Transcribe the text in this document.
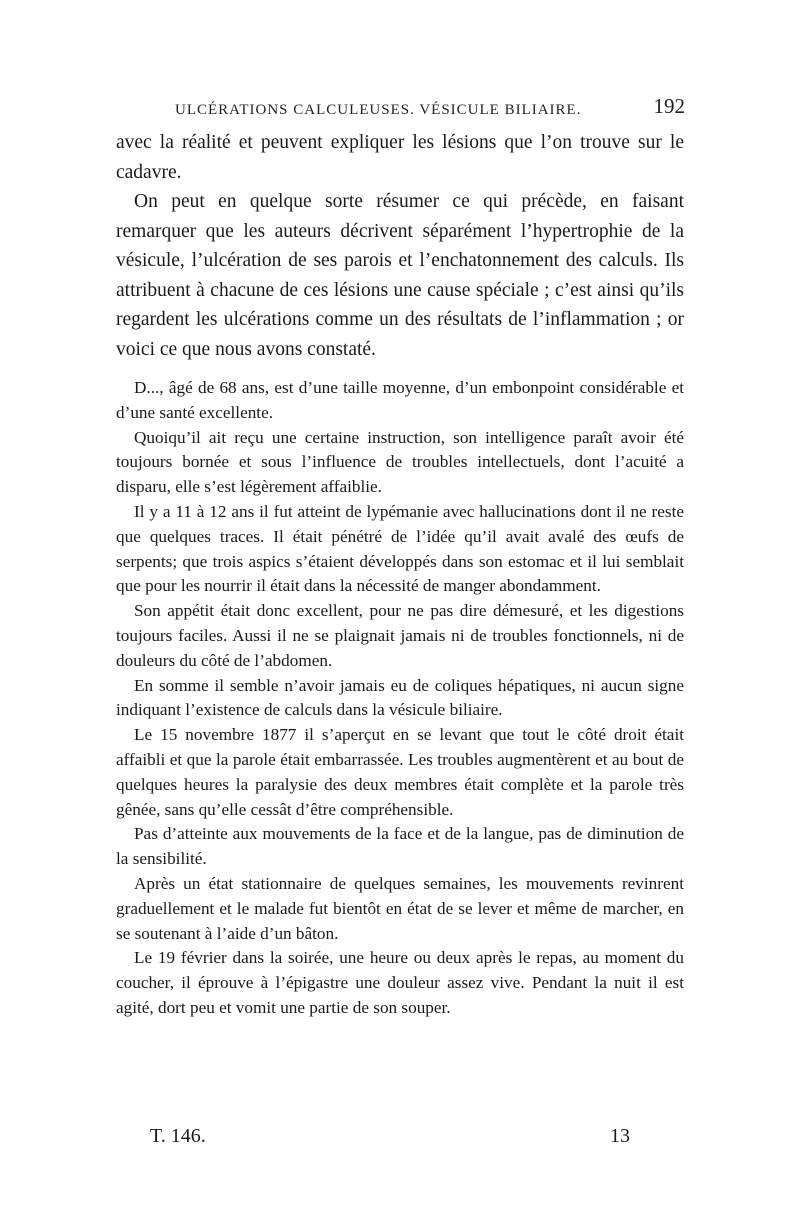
ULCÉRATIONS CALCULEUSES. VÉSICULE BILIAIRE.	192

avec la réalité et peuvent expliquer les lésions que l’on trouve sur le cadavre.

On peut en quelque sorte résumer ce qui précède, en faisant remarquer que les auteurs décrivent séparément l’hypertrophie de la vésicule, l’ulcération de ses parois et l’enchatonnement des calculs. Ils attribuent à chacune de ces lésions une cause spéciale ; c’est ainsi qu’ils regardent les ulcérations comme un des résultats de l’inflammation ; or voici ce que nous avons constaté.

D..., âgé de 68 ans, est d’une taille moyenne, d’un embonpoint considérable et d’une santé excellente.

Quoiqu’il ait reçu une certaine instruction, son intelligence paraît avoir été toujours bornée et sous l’influence de troubles intellectuels, dont l’acuité a disparu, elle s’est légèrement affaiblie.

Il y a 11 à 12 ans il fut atteint de lypémanie avec hallucinations dont il ne reste que quelques traces. Il était pénétré de l’idée qu’il avait avalé des œufs de serpents; que trois aspics s’étaient développés dans son estomac et il lui semblait que pour les nourrir il était dans la nécessité de manger abondamment.

Son appétit était donc excellent, pour ne pas dire démesuré, et les digestions toujours faciles. Aussi il ne se plaignait jamais ni de troubles fonctionnels, ni de douleurs du côté de l’abdomen.

En somme il semble n’avoir jamais eu de coliques hépatiques, ni aucun signe indiquant l’existence de calculs dans la vésicule biliaire.

Le 15 novembre 1877 il s’aperçut en se levant que tout le côté droit était affaibli et que la parole était embarrassée. Les troubles augmentèrent et au bout de quelques heures la paralysie des deux membres était complète et la parole très gênée, sans qu’elle cessât d’être compréhensible.

Pas d’atteinte aux mouvements de la face et de la langue, pas de diminution de la sensibilité.

Après un état stationnaire de quelques semaines, les mouvements revinrent graduellement et le malade fut bientôt en état de se lever et même de marcher, en se soutenant à l’aide d’un bâton.

Le 19 février dans la soirée, une heure ou deux après le repas, au moment du coucher, il éprouve à l’épigastre une douleur assez vive. Pendant la nuit il est agité, dort peu et vomit une partie de son souper.

T. 146.	13
